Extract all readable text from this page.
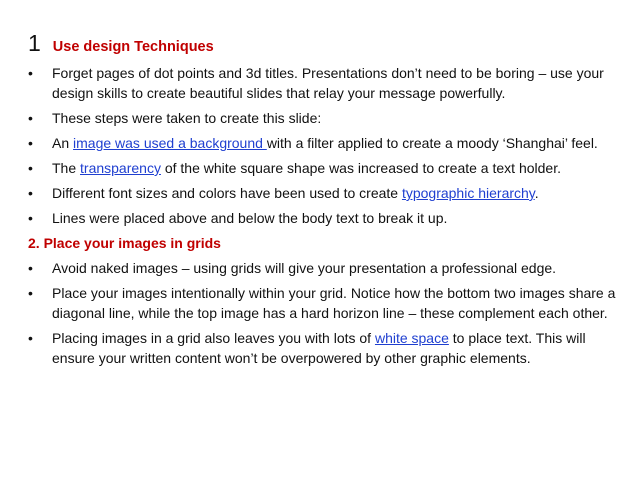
1 Use design Techniques
•	Forget pages of dot points and 3d titles. Presentations don’t need to be boring – use your design skills to create beautiful slides that relay your message powerfully.
•	These steps were taken to create this slide:
•	An image was used a background with a filter applied to create a moody ‘Shanghai’ feel.
•	The transparency of the white square shape was increased to create a text holder.
•	Different font sizes and colors have been used to create typographic hierarchy.
•	Lines were placed above and below the body text to break it up.
2. Place your images in grids
•	Avoid naked images – using grids will give your presentation a professional edge.
•	Place your images intentionally within your grid. Notice how the bottom two images share a diagonal line, while the top image has a hard horizon line – these complement each other.
•	Placing images in a grid also leaves you with lots of white space to place text. This will ensure your written content won’t be overpowered by other graphic elements.
